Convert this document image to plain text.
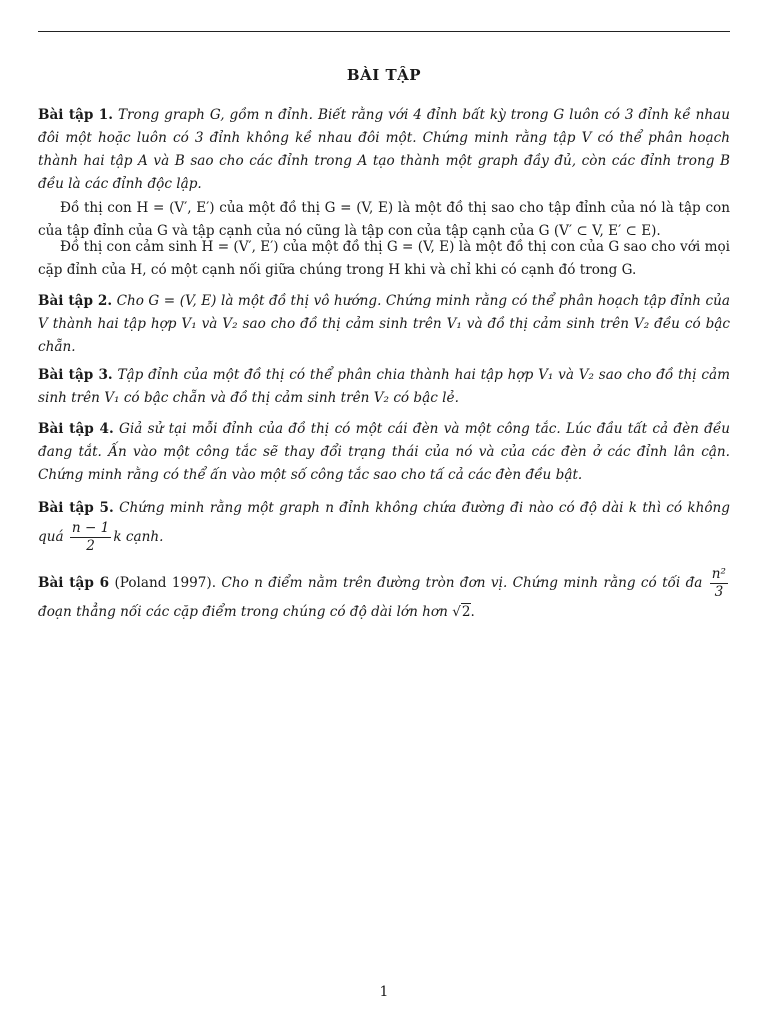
BÀI TẬP
Bài tập 1. Trong graph G, gồm n đỉnh. Biết rằng với 4 đỉnh bất kỳ trong G luôn có 3 đỉnh kề nhau đôi một hoặc luôn có 3 đỉnh không kề nhau đôi một. Chứng minh rằng tập V có thể phân hoạch thành hai tập A và B sao cho các đỉnh trong A tạo thành một graph đầy đủ, còn các đỉnh trong B đều là các đỉnh độc lập.
Đồ thị con H = (V′, E′) của một đồ thị G = (V, E) là một đồ thị sao cho tập đỉnh của nó là tập con của tập đỉnh của G và tập cạnh của nó cũng là tập con của tập cạnh của G (V′ ⊂ V, E′ ⊂ E).
Đồ thị con cảm sinh H = (V′, E′) của một đồ thị G = (V, E) là một đồ thị con của G sao cho với mọi cặp đỉnh của H, có một cạnh nối giữa chúng trong H khi và chỉ khi có cạnh đó trong G.
Bài tập 2. Cho G = (V, E) là một đồ thị vô hướng. Chứng minh rằng có thể phân hoạch tập đỉnh của V thành hai tập hợp V₁ và V₂ sao cho đồ thị cảm sinh trên V₁ và đồ thị cảm sinh trên V₂ đều có bậc chẵn.
Bài tập 3. Tập đỉnh của một đồ thị có thể phân chia thành hai tập hợp V₁ và V₂ sao cho đồ thị cảm sinh trên V₁ có bậc chẵn và đồ thị cảm sinh trên V₂ có bậc lẻ.
Bài tập 4. Giả sử tại mỗi đỉnh của đồ thị có một cái đèn và một công tắc. Lúc đầu tất cả đèn đều đang tắt. Ấn vào một công tắc sẽ thay đổi trạng thái của nó và của các đèn ở các đỉnh lân cận. Chứng minh rằng có thể ấn vào một số công tắc sao cho tấ cả các đèn đều bật.
Bài tập 5. Chứng minh rằng một graph n đỉnh không chứa đường đi nào có độ dài k thì có không quá $\frac{n - 1}{2}$ k cạnh.
Bài tập 6 (Poland 1997). Cho n điểm nằm trên đường tròn đơn vị. Chứng minh rằng có tối đa $\frac{\text{n²}}{3}$
đoạn thẳng nối các cặp điểm trong chúng có độ dài lớn hơn √2.
1
